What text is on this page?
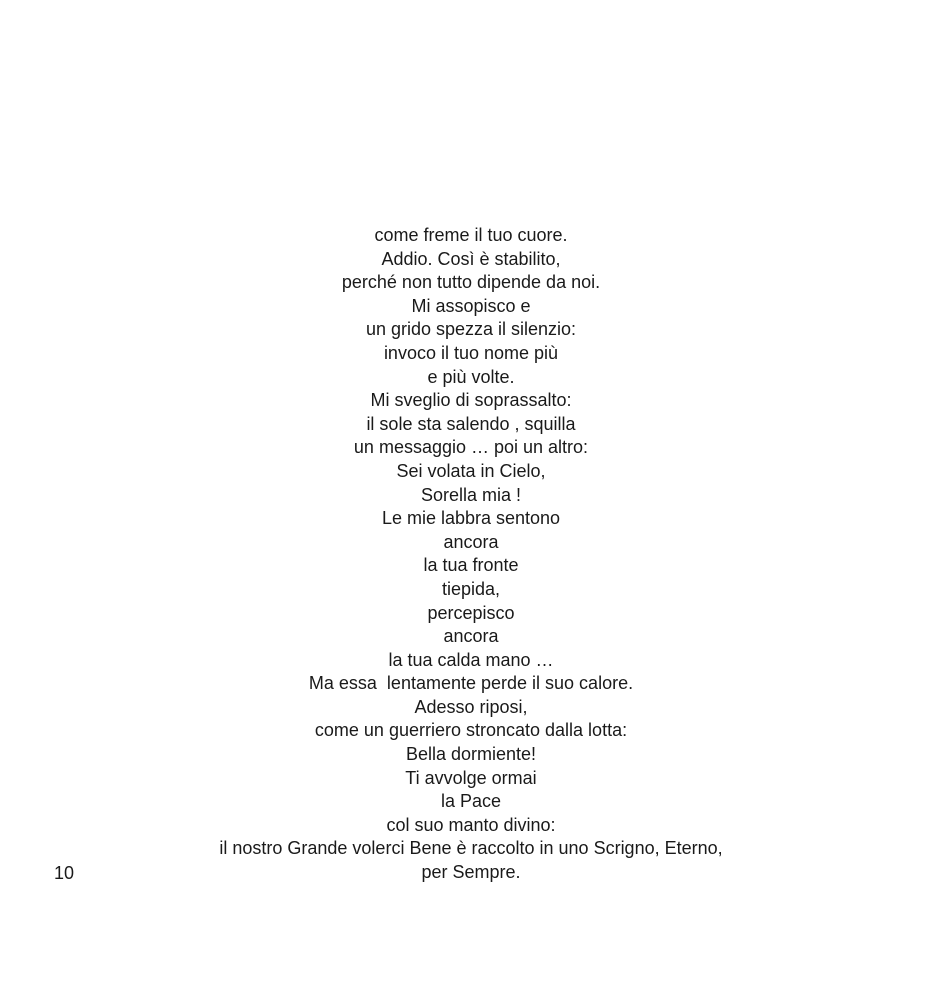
come freme il tuo cuore.
Addio. Così è stabilito,
perché non tutto dipende da noi.
Mi assopisco e
un grido spezza il silenzio:
invoco il tuo nome più
e più volte.
Mi sveglio di soprassalto:
il sole sta salendo , squilla
un messaggio … poi un altro:
Sei volata in Cielo,
Sorella mia !
Le mie labbra sentono
ancora
la tua fronte
tiepida,
percepisco
ancora
la tua calda mano …
Ma essa  lentamente perde il suo calore.
Adesso riposi,
come un guerriero stroncato dalla lotta:
Bella dormiente!
Ti avvolge ormai
la Pace
col suo manto divino:
il nostro Grande volerci Bene è raccolto in uno Scrigno, Eterno,
per Sempre.
10
